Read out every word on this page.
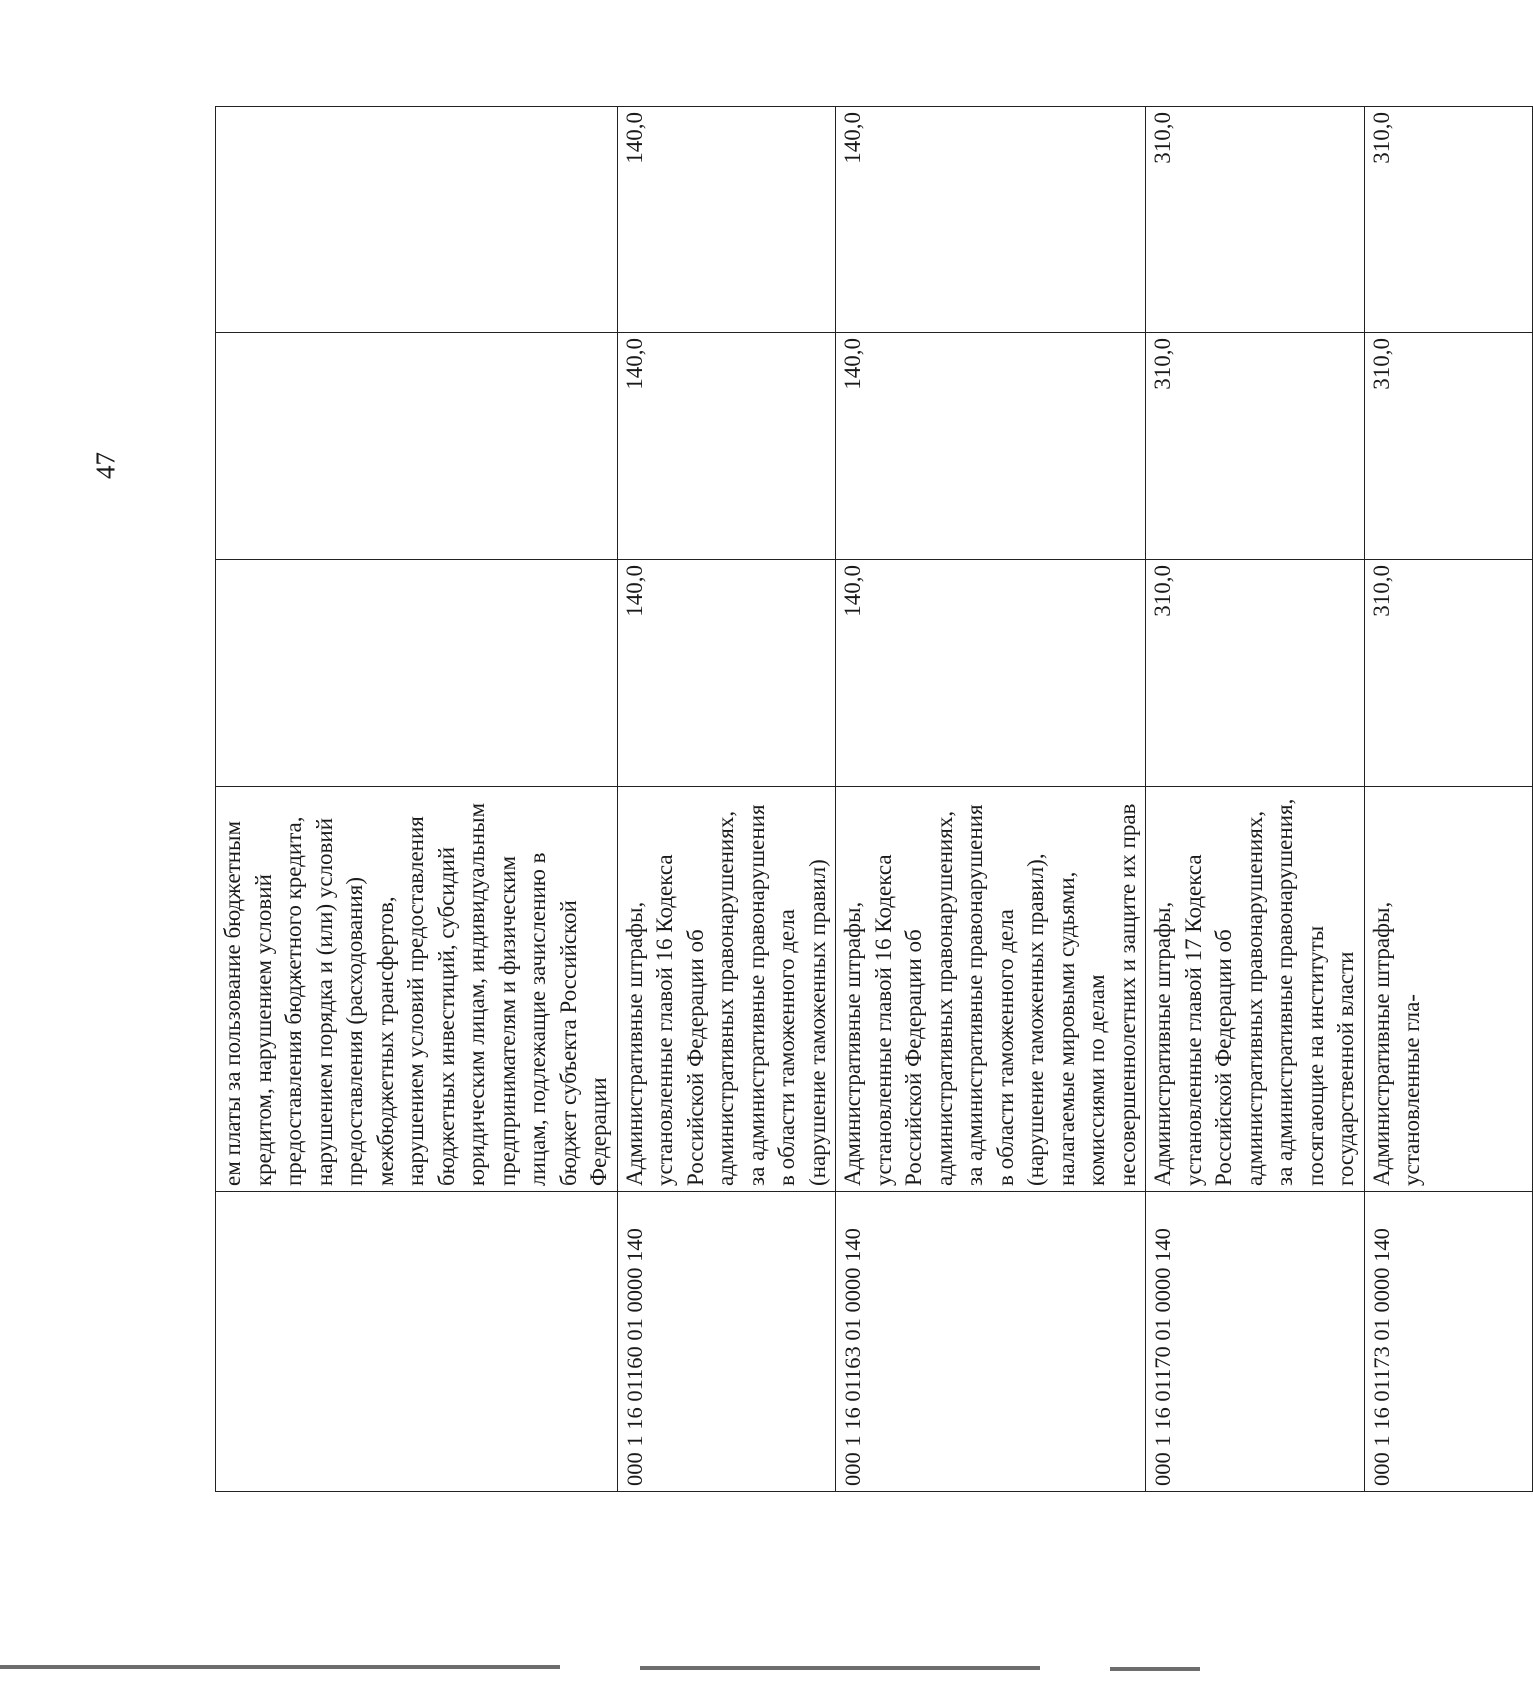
47
	ем платы за пользование бюджетным кредитом, нарушением условий предоставления бюджетного кредита, нарушением порядка и (или) условий предоставления (расходования) межбюджетных трансфертов, нарушением условий предоставления бюджетных инвестиций, субсидий юридическим лицам, индивидуальным предпринимателям и физическим лицам, подлежащие зачислению в бюджет субъекта Российской Федерации			
000 1 16 01160 01 0000 140	Административные штрафы, установленные главой 16 Кодекса Российской Федерации об административных правонарушениях, за административные правонарушения в области таможенного дела (нарушение таможенных правил)	140,0	140,0	140,0
000 1 16 01163 01 0000 140	Административные штрафы, установленные главой 16 Кодекса Российской Федерации об административных правонарушениях, за административные правонарушения в области таможенного дела (нарушение таможенных правил), налагаемые мировыми судьями, комиссиями по делам несовершеннолетних и защите их прав	140,0	140,0	140,0
000 1 16 01170 01 0000 140	Административные штрафы, установленные главой 17 Кодекса Российской Федерации об административных правонарушениях, за административные правонарушения, посягающие на институты государственной власти	310,0	310,0	310,0
000 1 16 01173 01 0000 140	Административные штрафы, установленные гла-	310,0	310,0	310,0
